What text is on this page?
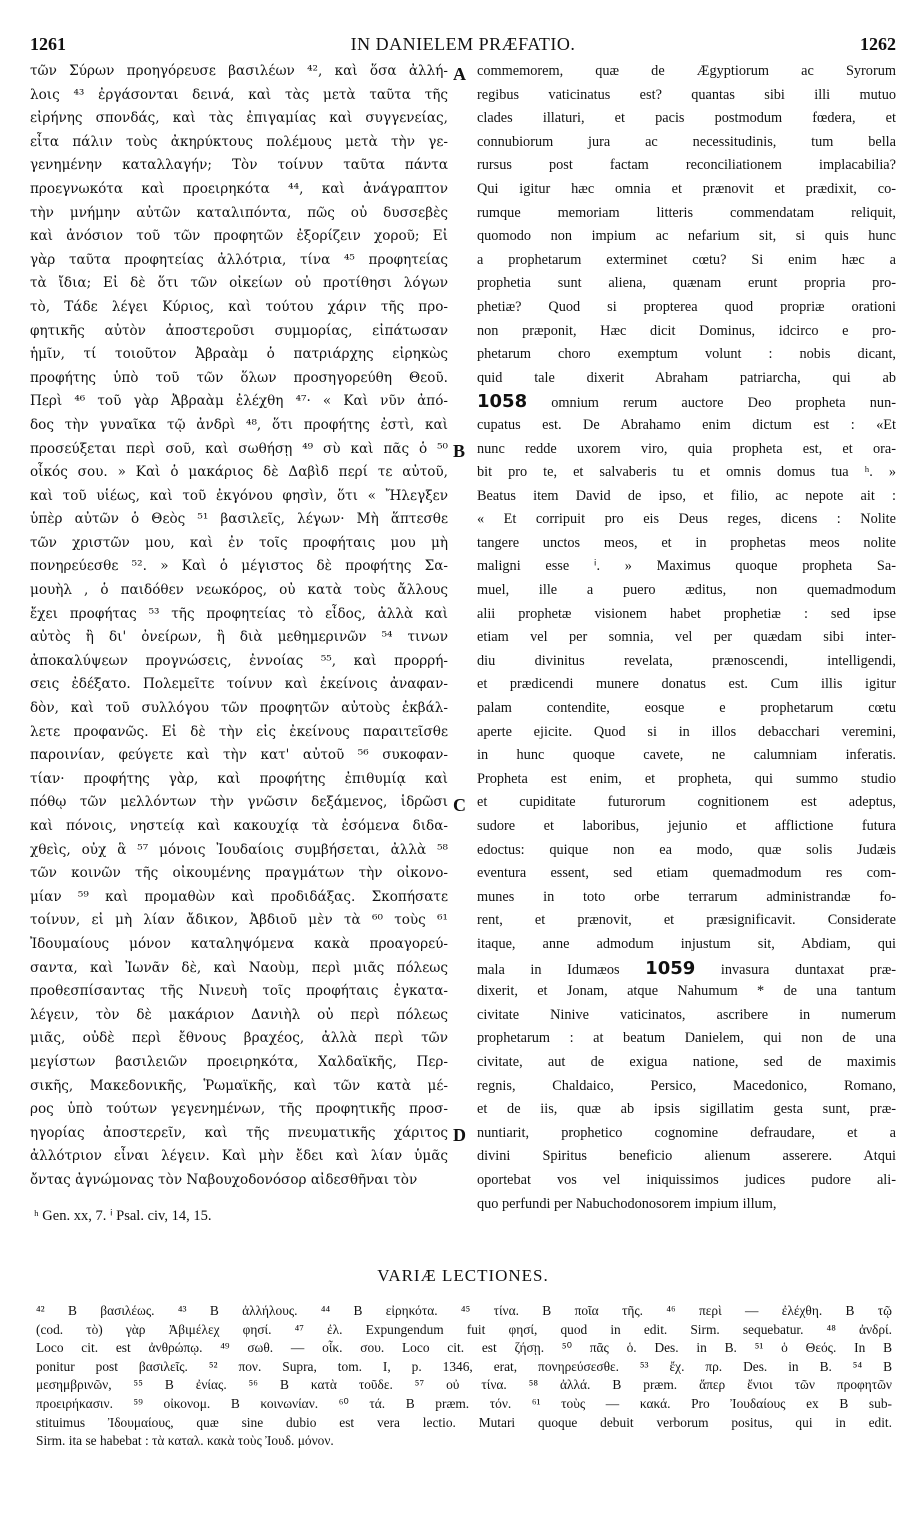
1261	IN DANIELEM PRÆFATIO.	1262
τῶν Σύρων προηγόρευσε βασιλέων ⁴², καὶ ὅσα ἀλλή-
λοις ⁴³ ἐργάσονται δεινά, καὶ τὰς μετὰ ταῦτα τῆς
εἰρήνης σπονδάς, καὶ τὰς ἐπιγαμίας καὶ συγγενείας,
εἶτα πάλιν τοὺς ἀκηρύκτους πολέμους μετὰ τὴν γε-
γενημένην καταλλαγήν; Τὸν τοίνυν ταῦτα πάντα
προεγνωκότα καὶ προειρηκότα ⁴⁴, καὶ ἀνάγραπτον
τὴν μνήμην αὐτῶν καταλιπόντα, πῶς οὐ δυσσεβὲς
καὶ ἀνόσιον τοῦ τῶν προφητῶν ἐξορίζειν χοροῦ; Εἰ
γὰρ ταῦτα προφητείας ἀλλότρια, τίνα ⁴⁵ προφητείας
τὰ ἴδια; Εἰ δὲ ὅτι τῶν οἰκείων οὐ προτίθησι λόγων
τὸ, Τάδε λέγει Κύριος, καὶ τούτου χάριν τῆς προ-
φητικῆς αὐτὸν ἀποστεροῦσι συμμορίας, εἰπάτωσαν
ἡμῖν, τί τοιοῦτον Ἀβραὰμ ὁ πατριάρχης εἰρηκὼς
προφήτης ὑπὸ τοῦ τῶν ὅλων προσηγορεύθη Θεοῦ.
Περὶ ⁴⁶ τοῦ γὰρ Ἀβραὰμ ἐλέχθη ⁴⁷· « Καὶ νῦν ἀπό-
δος τὴν γυναῖκα τῷ ἀνδρὶ ⁴⁸, ὅτι προφήτης ἐστὶ, καὶ
προσεύξεται περὶ σοῦ, καὶ σωθήσῃ ⁴⁹ σὺ καὶ πᾶς ὁ ⁵⁰
οἶκός σου. » Καὶ ὁ μακάριος δὲ Δαβὶδ περί τε αὐτοῦ,
καὶ τοῦ υἱέως, καὶ τοῦ ἐκγόνου φησὶν, ὅτι « Ἤλεγξεν
ὑπὲρ αὐτῶν ὁ Θεὸς ⁵¹ βασιλεῖς, λέγων· Μὴ ἅπτεσθε
τῶν χριστῶν μου, καὶ ἐν τοῖς προφήταις μου μὴ
πονηρεύεσθε ⁵². » Καὶ ὁ μέγιστος δὲ προφήτης Σα-
μουὴλ , ὁ παιδόθεν νεωκόρος, οὐ κατὰ τοὺς ἄλλους
ἔχει προφήτας ⁵³ τῆς προφητείας τὸ εἶδος, ἀλλὰ καὶ
αὐτὸς ἢ δι' ὀνείρων, ἢ διὰ μεθημερινῶν ⁵⁴ τινων
ἀποκαλύψεων προγνώσεις, ἐννοίας ⁵⁵, καὶ προρρή-
σεις ἐδέξατο. Πολεμεῖτε τοίνυν καὶ ἐκείνοις ἀναφαν-
δὸν, καὶ τοῦ συλλόγου τῶν προφητῶν αὐτοὺς ἐκβάλ-
λετε προφανῶς. Εἰ δὲ τὴν εἰς ἐκείνους παραιτεῖσθε
παροινίαν, φεύγετε καὶ τὴν κατ' αὐτοῦ ⁵⁶ συκοφαν-
τίαν· προφήτης γὰρ, καὶ προφήτης ἐπιθυμίᾳ καὶ
πόθῳ τῶν μελλόντων τὴν γνῶσιν δεξάμενος, ἱδρῶσι
καὶ πόνοις, νηστείᾳ καὶ κακουχίᾳ τὰ ἐσόμενα διδα-
χθεὶς, οὐχ ἃ ⁵⁷ μόνοις Ἰουδαίοις συμβήσεται, ἀλλὰ ⁵⁸
τῶν κοινῶν τῆς οἰκουμένης πραγμάτων τὴν οἰκονο-
μίαν ⁵⁹ καὶ προμαθὼν καὶ προδιδάξας. Σκοπήσατε
τοίνυν, εἰ μὴ λίαν ἄδικον, Ἀβδιοῦ μὲν τὰ ⁶⁰ τοὺς ⁶¹
Ἰδουμαίους μόνον καταληψόμενα κακὰ προαγορεύ-
σαντα, καὶ Ἰωνᾶν δὲ, καὶ Ναοὺμ, περὶ μιᾶς πόλεως
προθεσπίσαντας τῆς Νινευὴ τοῖς προφήταις ἐγκατα-
λέγειν, τὸν δὲ μακάριον Δανιὴλ οὐ περὶ πόλεως
μιᾶς, οὐδὲ περὶ ἔθνους βραχέος, ἀλλὰ περὶ τῶν
μεγίστων βασιλειῶν προειρηκότα, Χαλδαϊκῆς, Περ-
σικῆς, Μακεδονικῆς, Ῥωμαϊκῆς, καὶ τῶν κατὰ μέ-
ρος ὑπὸ τούτων γεγενημένων, τῆς προφητικῆς προσ-
ηγορίας ἀποστερεῖν, καὶ τῆς πνευματικῆς χάριτος
ἀλλότριον εἶναι λέγειν. Καὶ μὴν ἔδει καὶ λίαν ὑμᾶς
ὄντας ἀγνώμονας τὸν Ναβουχοδονόσορ αἰδεσθῆναι τὸν
commemorem, quæ de Ægyptiorum ac Syrorum
regibus vaticinatus est? quantas sibi illi mutuo
clades illaturi, et pacis postmodum fœdera, et
connubiorum jura ac necessitudinis, tum bella
rursus post factam reconciliationem implacabilia?
Qui igitur hæc omnia et prænovit et prædixit, co-
rumque memoriam litteris commendatam reliquit,
quomodo non impium ac nefarium sit, si quis hunc
a prophetarum exterminet cœtu? Si enim hæc a
prophetia sunt aliena, quænam erunt propria pro-
phetiæ? Quod si propterea quod propriæ orationi
non præponit, Hæc dicit Dominus, idcirco e pro-
phetarum choro exemptum volunt : nobis dicant,
quid tale dixerit Abraham patriarcha, qui ab
1058 omnium rerum auctore Deo propheta nun-
cupatus est. De Abrahamo enim dictum est : «Et
nunc redde uxorem viro, quia propheta est, et ora-
bit pro te, et salvaberis tu et omnis domus tua ʰ. »
Beatus item David de ipso, et filio, ac nepote ait :
« Et corripuit pro eis Deus reges, dicens : Nolite
tangere unctos meos, et in prophetas meos nolite
maligni esse ⁱ. » Maximus quoque propheta Sa-
muel, ille a puero æditus, non quemadmodum
alii prophetæ visionem habet prophetiæ : sed ipse
etiam vel per somnia, vel per quædam sibi inter-
diu divinitus revelata, prænoscendi, intelligendi,
et prædicendi munere donatus est. Cum illis igitur
palam contendite, eosque e prophetarum cœtu
aperte ejicite. Quod si in illos debacchari veremini,
in hunc quoque cavete, ne calumniam inferatis.
Propheta est enim, et propheta, qui summo studio
et cupiditate futurorum cognitionem est adeptus,
sudore et laboribus, jejunio et afflictione futura
edoctus: quique non ea modo, quæ solis Judæis
eventura essent, sed etiam quemadmodum res com-
munes in toto orbe terrarum administrandæ fo-
rent, et prænovit, et præsignificavit. Considerate
itaque, anne admodum injustum sit, Abdiam, qui
mala in Idumæos 1059 invasura duntaxat præ-
dixerit, et Jonam, atque Nahumum * de una tantum
civitate Ninive vaticinatos, ascribere in numerum
prophetarum : at beatum Danielem, qui non de una
civitate, aut de exigua natione, sed de maximis
regnis, Chaldaico, Persico, Macedonico, Romano,
et de iis, quæ ab ipsis sigillatim gesta sunt, præ-
nuntiarit, prophetico cognomine defraudare, et a
divini Spiritus beneficio alienum asserere. Atqui
oportebat vos vel iniquissimos judices pudore ali-
quo perfundi per Nabuchodonosorem impium illum,
A
B
C
D
ʰ Gen. xx, 7. ⁱ Psal. civ, 14, 15.
VARIÆ LECTIONES.
⁴² B βασιλέως. ⁴³ B ἀλλήλους. ⁴⁴ B εἰρηκότα. ⁴⁵ τίνα. B ποῖα τῆς. ⁴⁶ περὶ — ἐλέχθη. B τῷ
(cod. τὸ) γὰρ Ἀβιμέλεχ φησί. ⁴⁷ ἐλ. Expungendum fuit φησί, quod in edit. Sirm. sequebatur. ⁴⁸ ἀνδρί.
Loco cit. est ἀνθρώπῳ. ⁴⁹ σωθ. — οἶκ. σου. Loco cit. est ζήσῃ. ⁵⁰ πᾶς ὁ. Des. in B. ⁵¹ ὁ Θεός. In B
ponitur post βασιλεῖς. ⁵² πον. Supra, tom. I, p. 1346, erat, πονηρεύσεσθε. ⁵³ ἔχ. πρ. Des. in B. ⁵⁴ B
μεσημβρινῶν, ⁵⁵ B ἐνίας. ⁵⁶ B κατὰ τοῦδε. ⁵⁷ οὐ τίνα. ⁵⁸ ἀλλά. B præm. ἅπερ ἔνιοι τῶν προφητῶν
προειρήκασιν. ⁵⁹ οἰκονομ. B κοινωνίαν. ⁶⁰ τά. B præm. τόν. ⁶¹ τοὺς — κακά. Pro Ἰουδαίους ex B sub-
stituimus Ἰδουμαίους, quæ sine dubio est vera lectio. Mutari quoque debuit verborum positus, qui in edit.
Sirm. ita se habebat : τὰ καταλ. κακὰ τοὺς Ἰουδ. μόνον.
